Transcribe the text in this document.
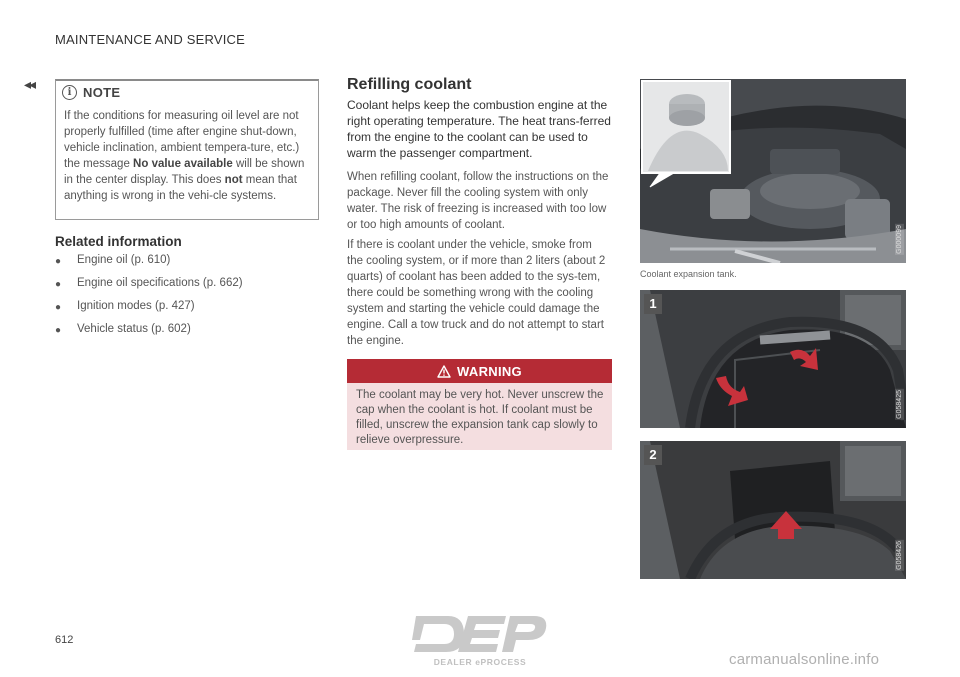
MAINTENANCE AND SERVICE
◂◂
i NOTE
If the conditions for measuring oil level are not properly fulfilled (time after engine shut-down, vehicle inclination, ambient tempera-ture, etc.) the message No value available will be shown in the center display. This does not mean that anything is wrong in the vehi-cle systems.
Related information
●	Engine oil (p. 610)
●	Engine oil specifications (p. 662)
●	Ignition modes (p. 427)
●	Vehicle status (p. 602)
Refilling coolant
Coolant helps keep the combustion engine at the right operating temperature. The heat trans-ferred from the engine to the coolant can be used to warm the passenger compartment.
When refilling coolant, follow the instructions on the package. Never fill the cooling system with only water. The risk of freezing is increased with too low or too high amounts of coolant.
If there is coolant under the vehicle, smoke from the cooling system, or if more than 2 liters (about 2 quarts) of coolant has been added to the sys-tem, there could be something wrong with the cooling system and starting the vehicle could damage the engine. Call a tow truck and do not attempt to start the engine.
WARNING
The coolant may be very hot. Never unscrew the cap when the coolant is hot. If coolant must be filled, unscrew the expansion tank cap slowly to relieve overpressure.
G000099
Coolant expansion tank.
1
G058425
2
G058426
612
DEALER ePROCESS	carmanualsonline.info
